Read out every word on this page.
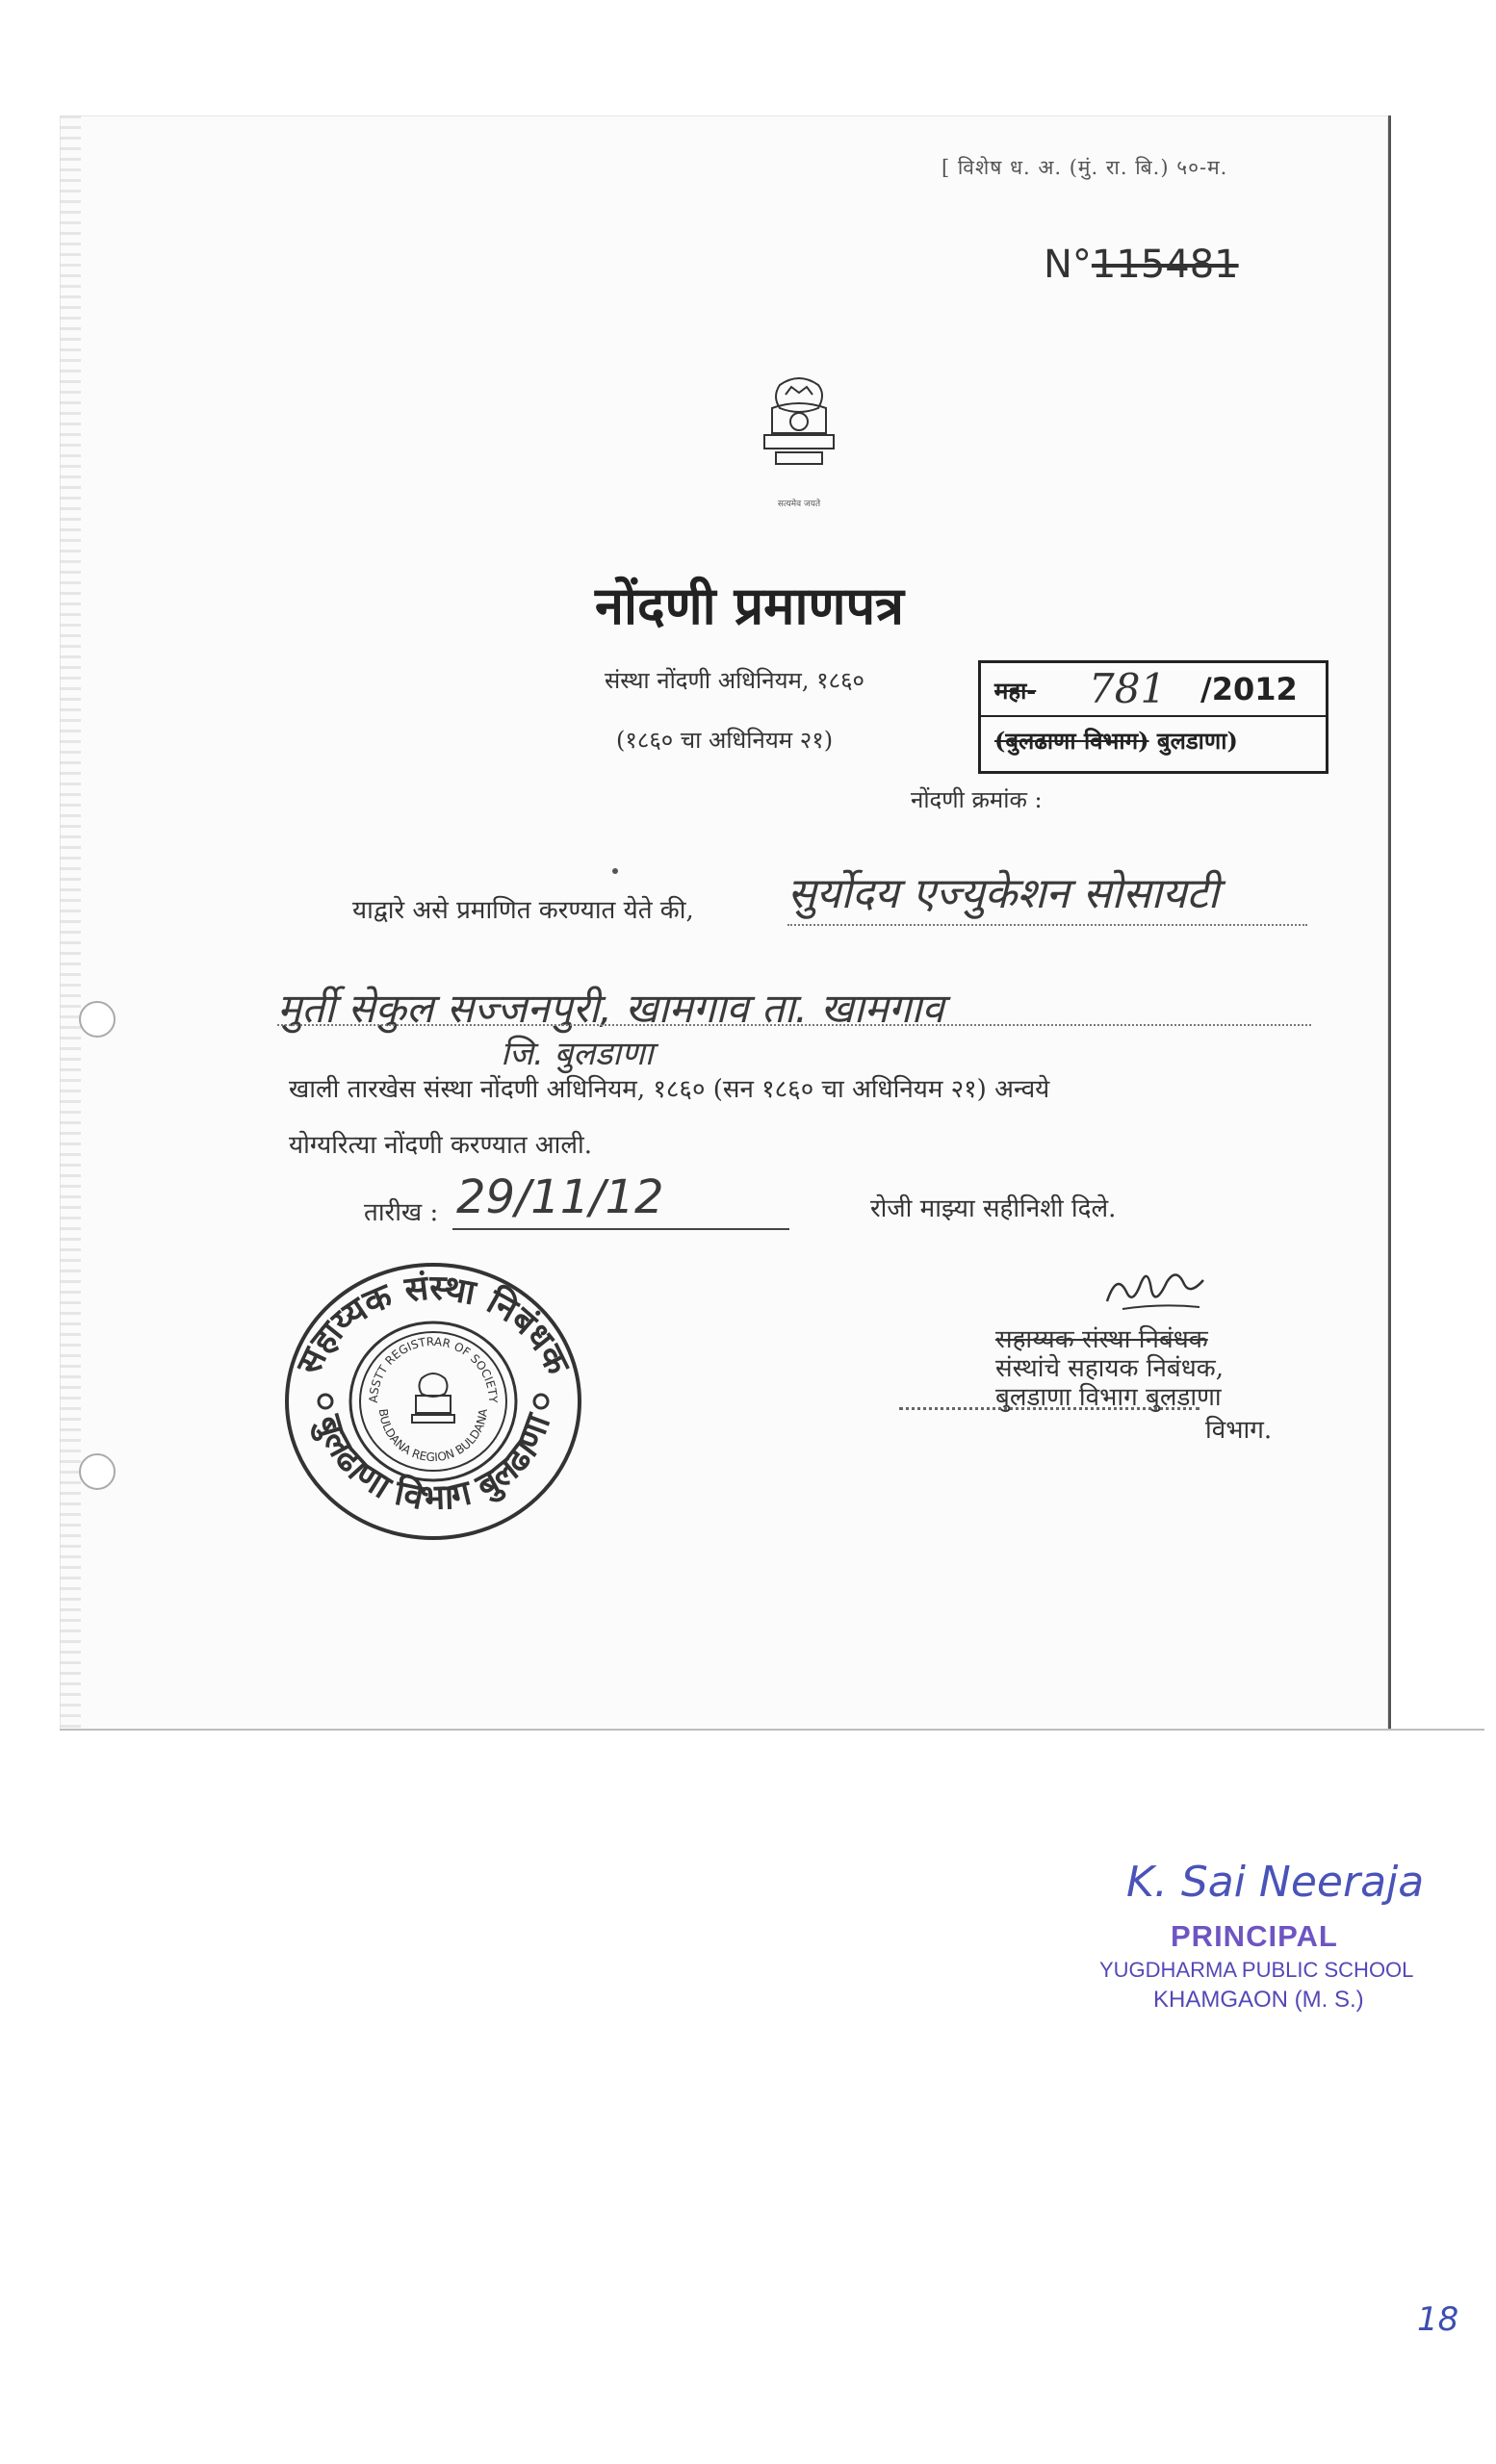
[ विशेष ध. अ. (मुं. रा. बि.) ५०-म.
N°115481
सत्यमेव जयते
नोंदणी प्रमाणपत्र
संस्था नोंदणी अधिनियम, १८६०
(१८६० चा अधिनियम २१)
महा- 781 /2012
(बुलढाणा विभाग) बुलडाणा)
नोंदणी क्रमांक :
याद्वारे असे प्रमाणित करण्यात येते की, सुर्योदय एज्युकेशन सोसायटी
मुर्ती सेकुल सज्जनपुरी, खामगाव ता. खामगाव
जि. बुलडाणा
खाली तारखेस संस्था नोंदणी अधिनियम, १८६० (सन १८६० चा अधिनियम २१) अन्वये
योग्यरित्या नोंदणी करण्यात आली.
तारीख : 29/11/12	रोजी माझ्या सहीनिशी दिले.
सहाय्यक संस्था निबंधक
बुलढाणा विभाग बुलढाणा
ASSTT REGISTRAR OF SOCIETY
BULDANA REGION BULDANA
सहाय्यक संस्था निबंधक
संस्थांचे सहायक निबंधक,
बुलडाणा विभाग बुलडाणा
विभाग.
K. Sai Neeraja
PRINCIPAL
YUGDHARMA PUBLIC SCHOOL
KHAMGAON (M. S.)
18
